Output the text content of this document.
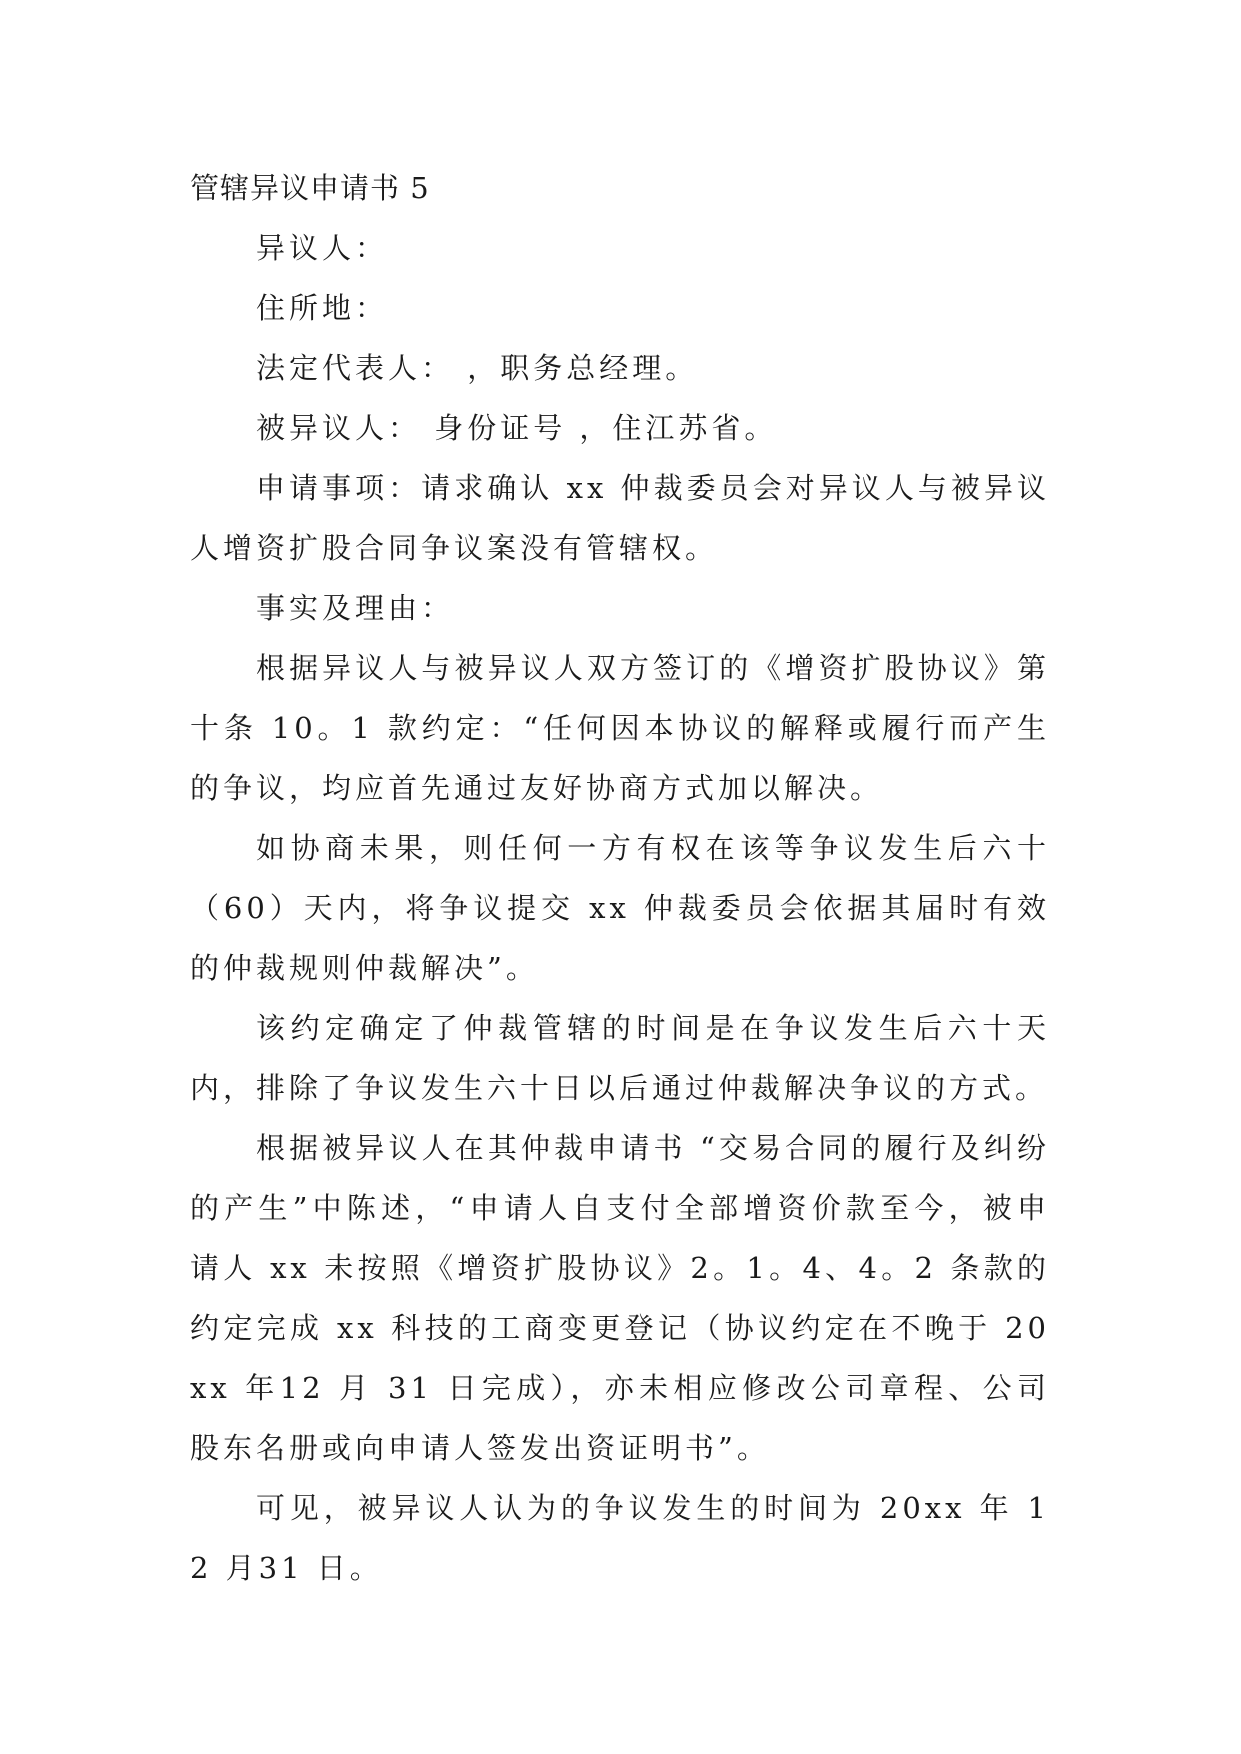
管辖异议申请书 5

异议人：

住所地：

法定代表人： ，职务总经理。

被异议人： 身份证号 ，住江苏省。

申请事项：请求确认 xx 仲裁委员会对异议人与被异议人增资扩股合同争议案没有管辖权。

事实及理由：

根据异议人与被异议人双方签订的《增资扩股协议》第十条 10。1 款约定：“任何因本协议的解释或履行而产生的争议，均应首先通过友好协商方式加以解决。

如协商未果，则任何一方有权在该等争议发生后六十（60）天内，将争议提交 xx 仲裁委员会依据其届时有效的仲裁规则仲裁解决”。

该约定确定了仲裁管辖的时间是在争议发生后六十天内，排除了争议发生六十日以后通过仲裁解决争议的方式。

根据被异议人在其仲裁申请书 “交易合同的履行及纠纷的产生”中陈述，“申请人自支付全部增资价款至今，被申请人 xx 未按照《增资扩股协议》2。1。4、4。2 条款的约定完成 xx 科技的工商变更登记（协议约定在不晚于 20xx 年12 月 31 日完成），亦未相应修改公司章程、公司股东名册或向申请人签发出资证明书”。

可见，被异议人认为的争议发生的时间为 20xx 年 12 月31 日。
